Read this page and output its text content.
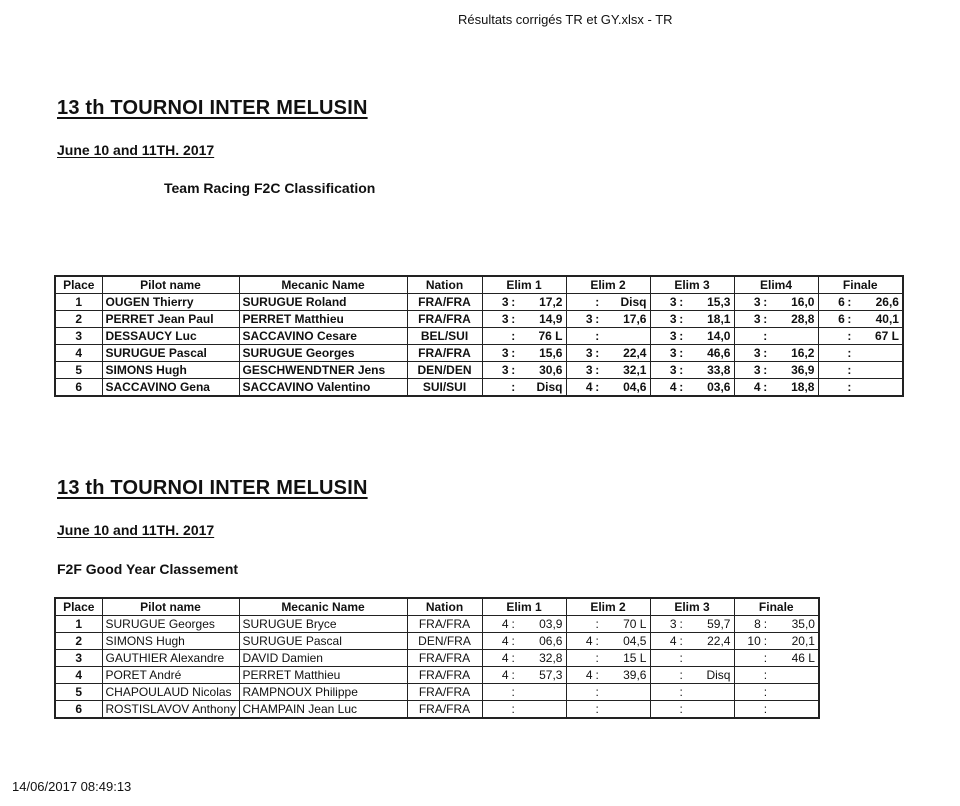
Résultats corrigés TR et GY.xlsx - TR
13 th TOURNOI INTER MELUSIN
June 10 and 11TH. 2017
Team Racing F2C Classification
Place	Pilot name	Mecanic Name	Nation	Elim 1	Elim 2	Elim 3	Elim4	Finale
1	OUGEN Thierry	SURUGUE Roland	FRA/FRA	3 : 17,2	: Disq	3 : 15,3	3 : 16,0	6 : 26,6

2	PERRET Jean Paul	PERRET Matthieu	FRA/FRA	3 : 14,9	3 : 17,6	3 : 18,1	3 : 28,8	6 : 40,1

3	DESSAUCY Luc	SACCAVINO Cesare	BEL/SUI	: 76 L	:	3 : 14,0	:	: 67 L

4	SURUGUE Pascal	SURUGUE Georges	FRA/FRA	3 : 15,6	3 : 22,4	3 : 46,6	3 : 16,2	:

5	SIMONS Hugh	GESCHWENDTNER Jens	DEN/DEN	3 : 30,6	3 : 32,1	3 : 33,8	3 : 36,9	:

6	SACCAVINO Gena	SACCAVINO Valentino	SUI/SUI	: Disq	4 : 04,6	4 : 03,6	4 : 18,8	:
13 th TOURNOI INTER MELUSIN
June 10 and 11TH. 2017
F2F Good Year Classement
Place	Pilot name	Mecanic Name	Nation	Elim 1	Elim 2	Elim 3	Finale
1	SURUGUE Georges	SURUGUE Bryce	FRA/FRA	4 : 03,9	: 70 L	3 : 59,7	8 : 35,0

2	SIMONS Hugh	SURUGUE Pascal	DEN/FRA	4 : 06,6	4 : 04,5	4 : 22,4	10 : 20,1

3	GAUTHIER Alexandre	DAVID Damien	FRA/FRA	4 : 32,8	: 15 L	:	: 46 L

4	PORET André	PERRET Matthieu	FRA/FRA	4 : 57,3	4 : 39,6	: Disq	:

5	CHAPOULAUD Nicolas	RAMPNOUX Philippe	FRA/FRA	:	:	:	:

6	ROSTISLAVOV Anthony	CHAMPAIN Jean Luc	FRA/FRA	:	:	:	:
14/06/2017 08:49:13
